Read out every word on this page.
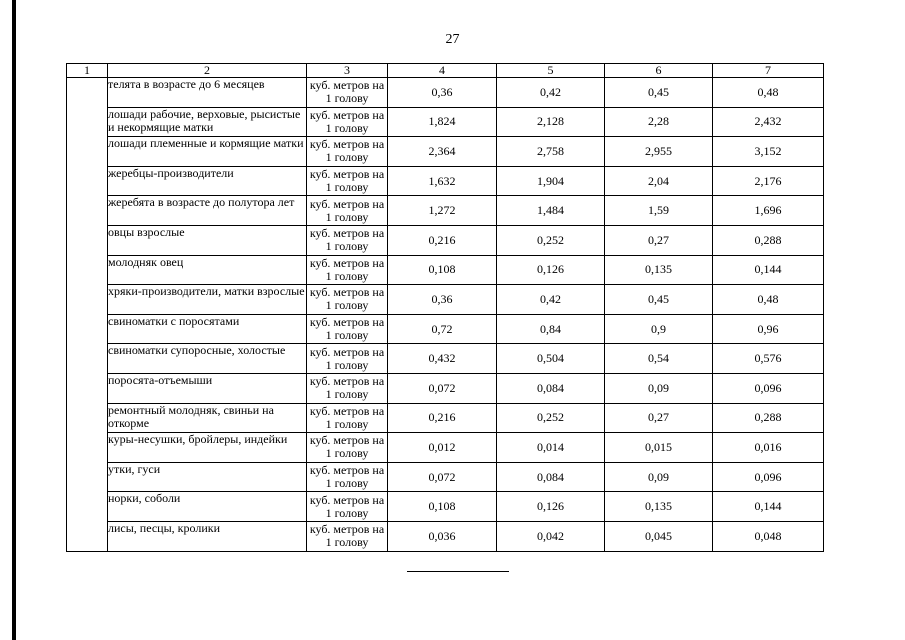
27
1	2	3	4	5	6	7
	телята в возрасте до 6 месяцев	куб. метров на 1 голову	0,36	0,42	0,45	0,48
	лошади рабочие, верховые, рысистые и некормящие матки	куб. метров на 1 голову	1,824	2,128	2,28	2,432
	лошади племенные и кормящие матки	куб. метров на 1 голову	2,364	2,758	2,955	3,152
	жеребцы-производители	куб. метров на 1 голову	1,632	1,904	2,04	2,176
	жеребята в возрасте до полутора лет	куб. метров на 1 голову	1,272	1,484	1,59	1,696
	овцы взрослые	куб. метров на 1 голову	0,216	0,252	0,27	0,288
	молодняк овец	куб. метров на 1 голову	0,108	0,126	0,135	0,144
	хряки-производители, матки взрослые	куб. метров на 1 голову	0,36	0,42	0,45	0,48
	свиноматки с поросятами	куб. метров на 1 голову	0,72	0,84	0,9	0,96
	свиноматки супоросные, холостые	куб. метров на 1 голову	0,432	0,504	0,54	0,576
	поросята-отъемыши	куб. метров на 1 голову	0,072	0,084	0,09	0,096
	ремонтный молодняк, свиньи на откорме	куб. метров на 1 голову	0,216	0,252	0,27	0,288
	куры-несушки, бройлеры, индейки	куб. метров на 1 голову	0,012	0,014	0,015	0,016
	утки, гуси	куб. метров на 1 голову	0,072	0,084	0,09	0,096
	норки, соболи	куб. метров на 1 голову	0,108	0,126	0,135	0,144
	лисы, песцы, кролики	куб. метров на 1 голову	0,036	0,042	0,045	0,048
